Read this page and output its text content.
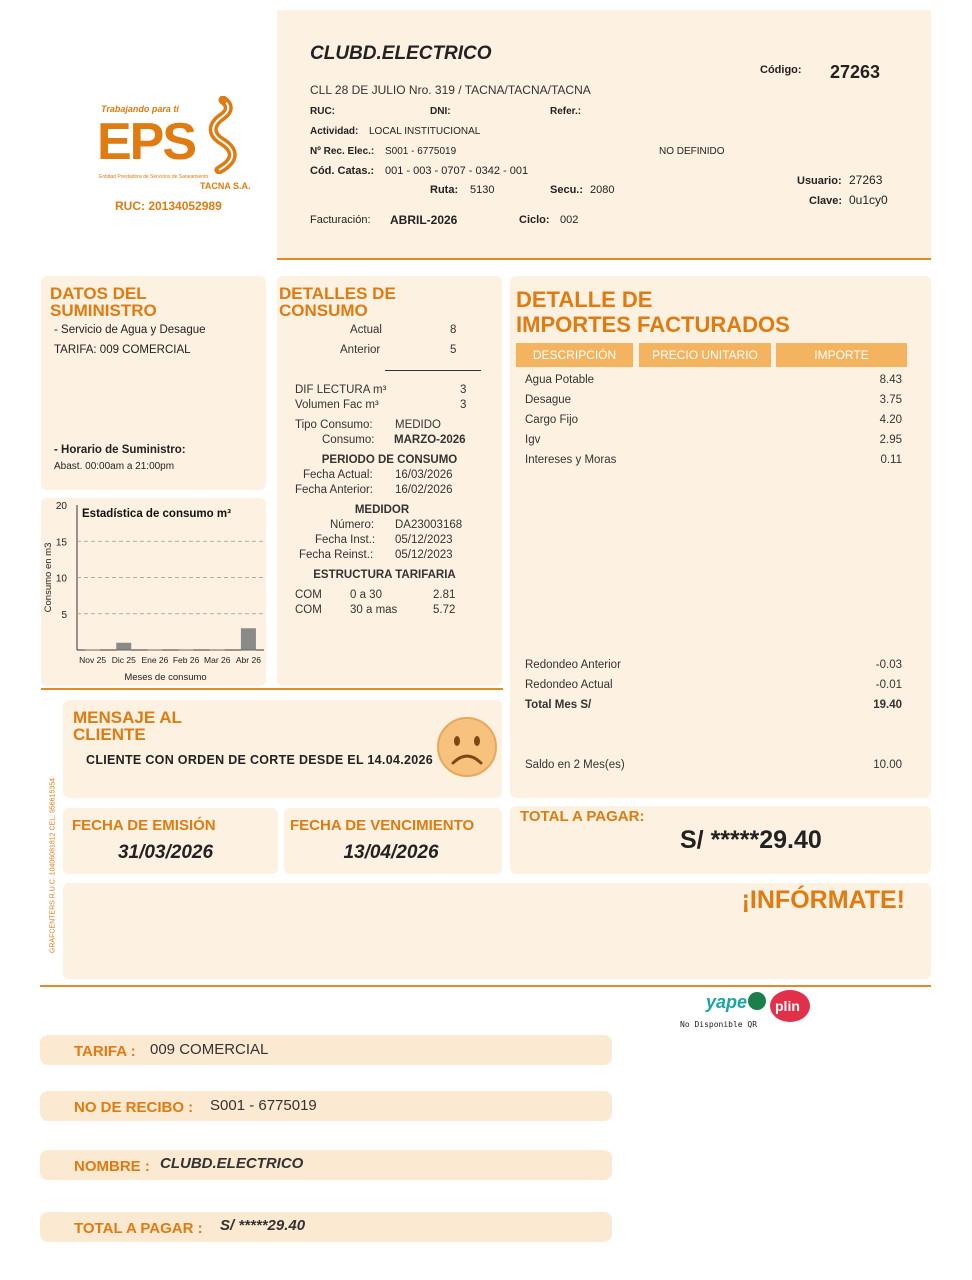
Trabajando para ti
EPS
Entidad Prestadora de Servicios de Saneamiento
TACNA S.A.
RUC: 20134052989
CLUBD.ELECTRICO
CLL 28 DE JULIO Nro. 319 / TACNA/TACNA/TACNA
Código: 27263
RUC:	DNI:	Refer.:
Actividad: LOCAL INSTITUCIONAL
Nº Rec. Elec.: S001 - 6775019	NO DEFINIDO
Cód. Catas.: 001 - 003 - 0707 - 0342 - 001
Ruta: 5130	Secu.: 2080
Usuario: 27263
Clave: 0u1cy0
Facturación: ABRIL-2026	Ciclo: 002
DATOS DEL
SUMINISTRO
- Servicio de Agua y Desague
TARIFA: 009 COMERCIAL
- Horario de Suministro:
Abast. 00:00am a 21:00pm
5
10
15
20
Nov 25 Dic 25 Ene 26 Feb 26 Mar 26 Abr 26
Estadística de consumo m³
Meses de consumo
Consumo en m3
DETALLES DE
CONSUMO
Actual	8
Anterior	5
DIF LECTURA m³	3
Volumen Fac m³	3
Tipo Consumo: MEDIDO
Consumo: MARZO-2026
PERIODO DE CONSUMO
Fecha Actual: 16/03/2026
Fecha Anterior: 16/02/2026
MEDIDOR
Número: DA23003168
Fecha Inst.: 05/12/2023
Fecha Reinst.: 05/12/2023
ESTRUCTURA TARIFARIA
COM 0 a 30	2.81
COM 30 a mas	5.72
DETALLE DE
IMPORTES FACTURADOS
DESCRIPCIÓN	PRECIO UNITARIO	IMPORTE
Agua Potable	8.43
Desague	3.75
Cargo Fijo	4.20
Igv	2.95
Intereses y Moras	0.11
Redondeo Anterior	-0.03
Redondeo Actual	-0.01
Total Mes S/	19.40
Saldo en 2 Mes(es)	10.00
MENSAJE AL
CLIENTE
CLIENTE CON ORDEN DE CORTE DESDE EL 14.04.2026
GRAFCENTERS R.U.C. 10406081812 CEL: 956615354 FECHA DE EMISIÓN
31/03/2026
FECHA DE VENCIMIENTO
13/04/2026
TOTAL A PAGAR:
S/ *****29.40
¡INFÓRMATE!
yape plin
No Disponible QR
TARIFA : 009 COMERCIAL
NO DE RECIBO : S001 - 6775019
NOMBRE : CLUBD.ELECTRICO
TOTAL A PAGAR : S/ *****29.40
